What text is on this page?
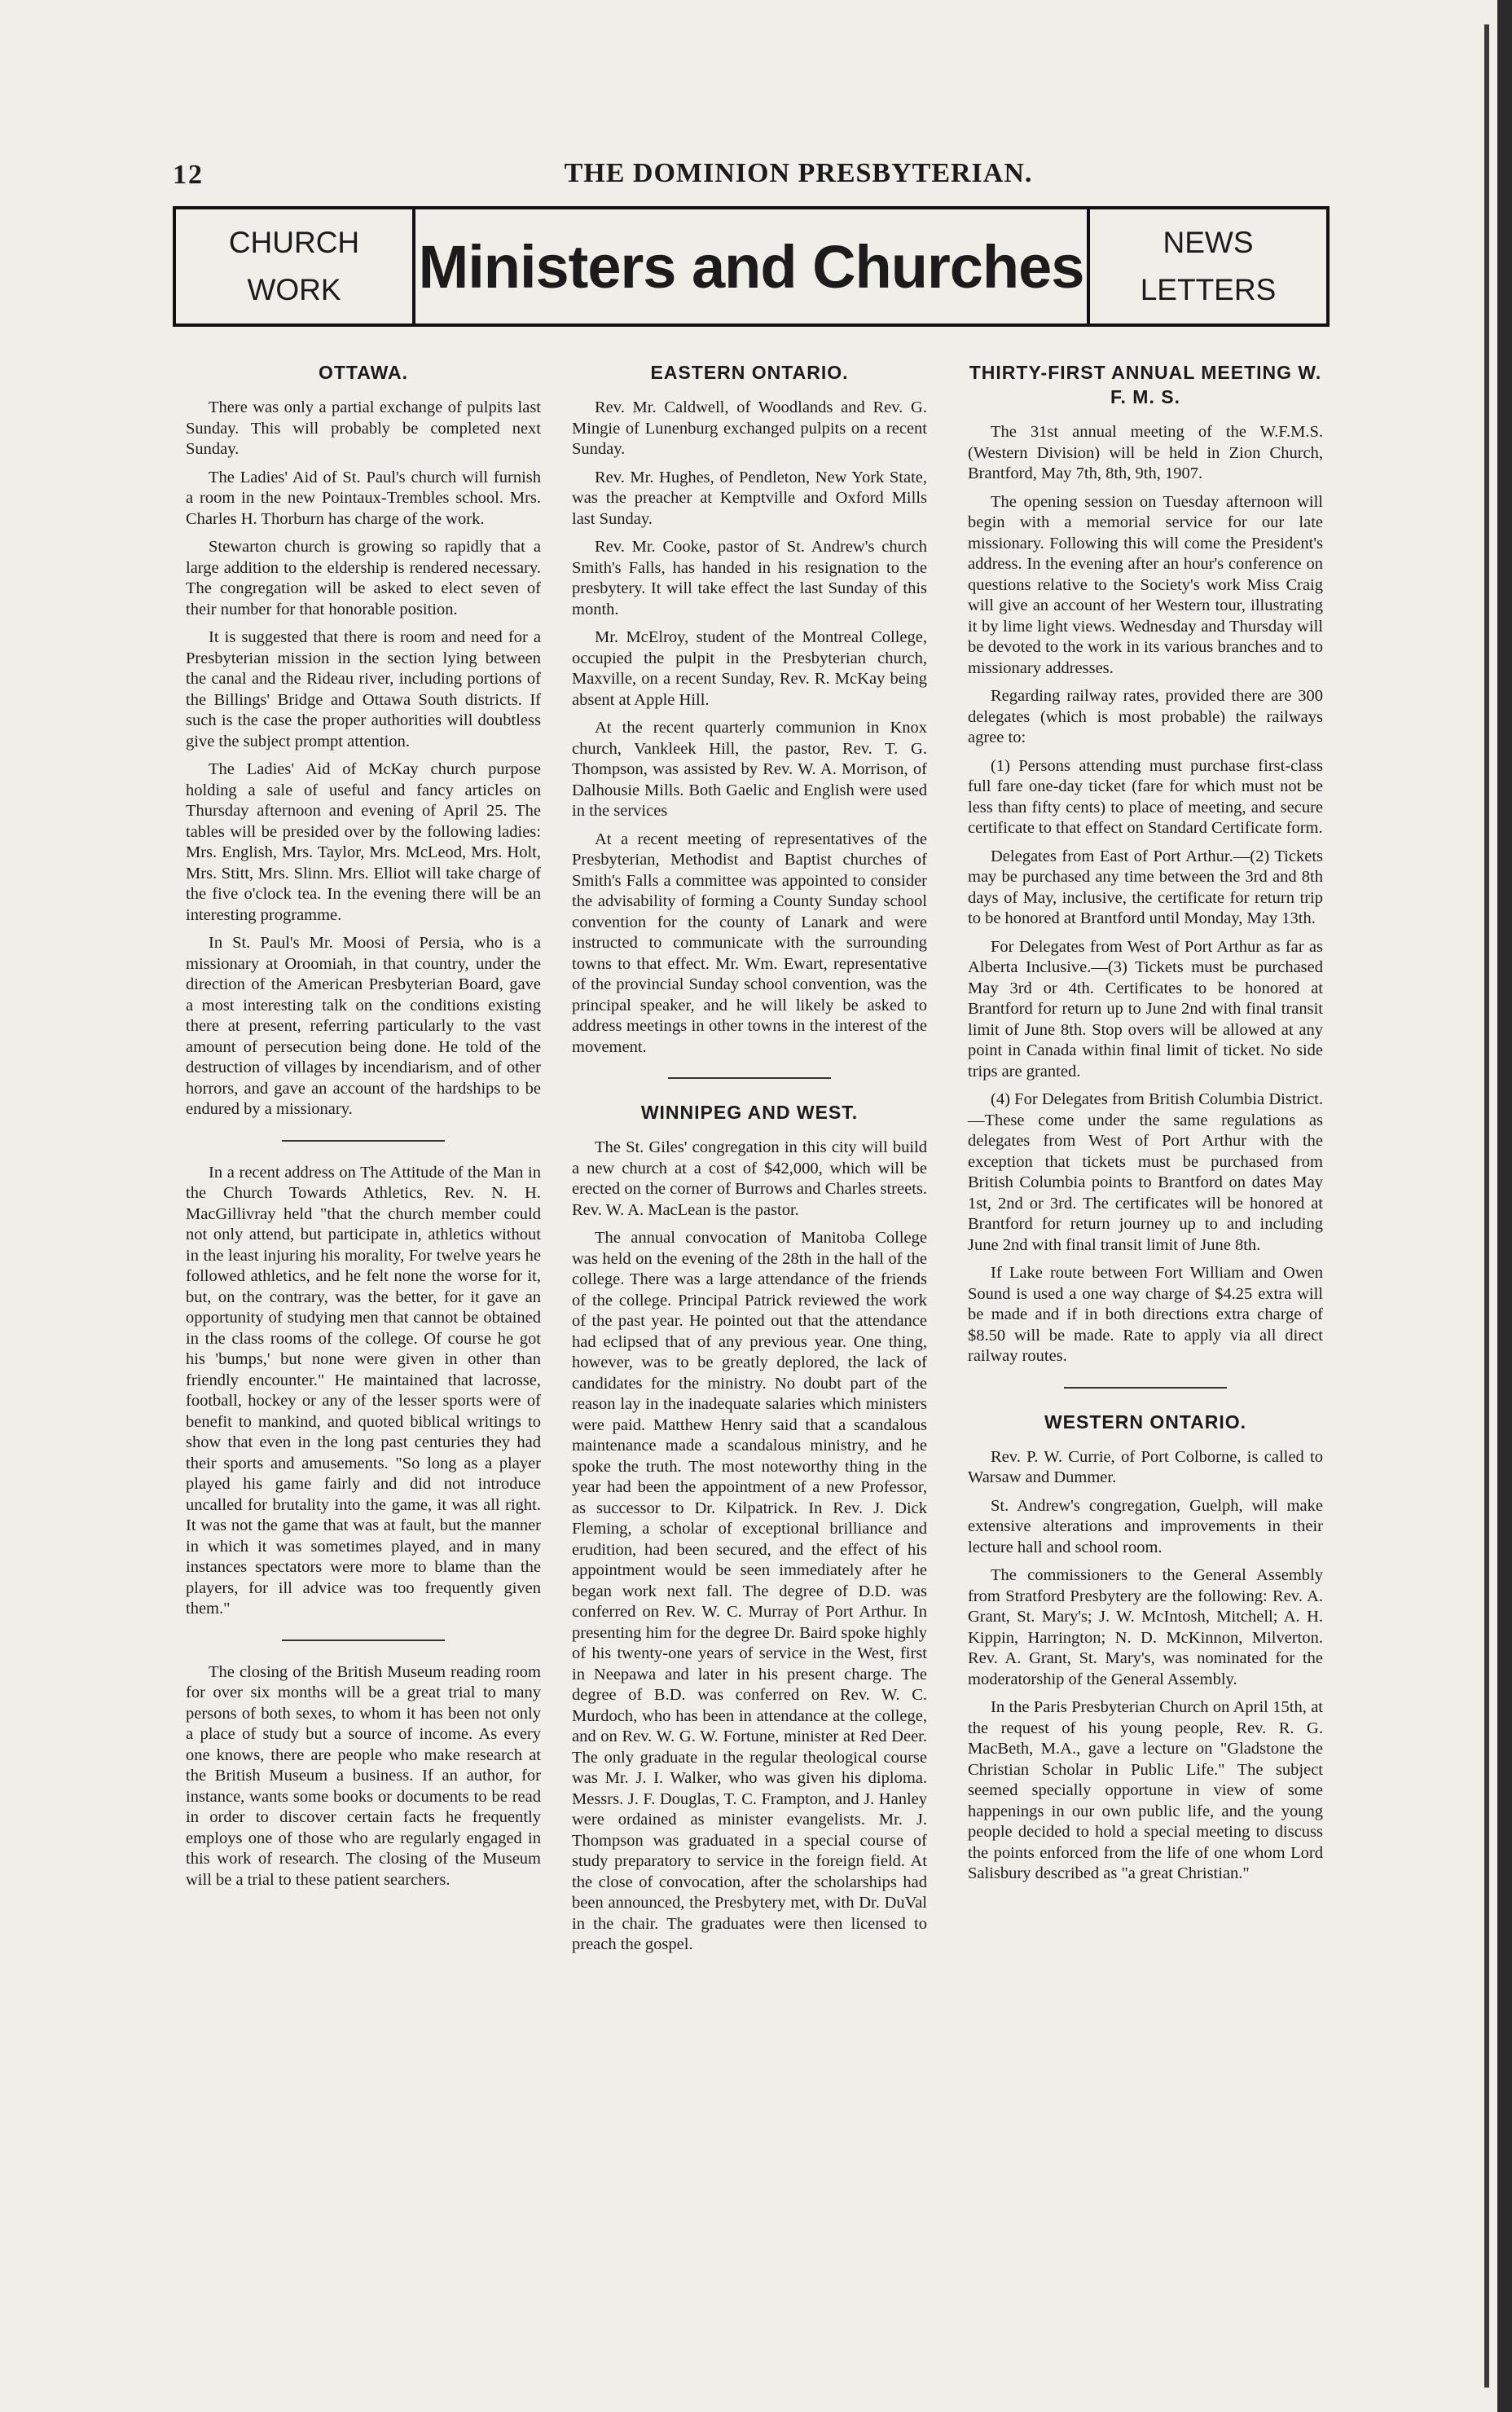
12	THE DOMINION PRESBYTERIAN.
CHURCH
WORK Ministers and Churches	NEWS
LETTERS
OTTAWA.

There was only a partial exchange of pulpits last Sunday. This will probably be completed next Sunday.

The Ladies' Aid of St. Paul's church will furnish a room in the new Pointaux-Trembles school. Mrs. Charles H. Thorburn has charge of the work.

Stewarton church is growing so rapidly that a large addition to the eldership is rendered necessary. The congregation will be asked to elect seven of their number for that honorable position.

It is suggested that there is room and need for a Presbyterian mission in the section lying between the canal and the Rideau river, including portions of the Billings' Bridge and Ottawa South districts. If such is the case the proper authorities will doubtless give the subject prompt attention.

The Ladies' Aid of McKay church purpose holding a sale of useful and fancy articles on Thursday afternoon and evening of April 25. The tables will be presided over by the following ladies: Mrs. English, Mrs. Taylor, Mrs. McLeod, Mrs. Holt, Mrs. Stitt, Mrs. Slinn. Mrs. Elliot will take charge of the five o'clock tea. In the evening there will be an interesting programme.

In St. Paul's Mr. Moosi of Persia, who is a missionary at Oroomiah, in that country, under the direction of the American Presbyterian Board, gave a most interesting talk on the conditions existing there at present, referring particularly to the vast amount of persecution being done. He told of the destruction of villages by incendiarism, and of other horrors, and gave an account of the hardships to be endured by a missionary.

In a recent address on The Attitude of the Man in the Church Towards Athletics, Rev. N. H. MacGillivray held "that the church member could not only attend, but participate in, athletics without in the least injuring his morality, For twelve years he followed athletics, and he felt none the worse for it, but, on the contrary, was the better, for it gave an opportunity of studying men that cannot be obtained in the class rooms of the college. Of course he got his 'bumps,' but none were given in other than friendly encounter." He maintained that lacrosse, football, hockey or any of the lesser sports were of benefit to mankind, and quoted biblical writings to show that even in the long past centuries they had their sports and amusements. "So long as a player played his game fairly and did not introduce uncalled for brutality into the game, it was all right. It was not the game that was at fault, but the manner in which it was sometimes played, and in many instances spectators were more to blame than the players, for ill advice was too frequently given them."

The closing of the British Museum reading room for over six months will be a great trial to many persons of both sexes, to whom it has been not only a place of study but a source of income. As every one knows, there are people who make research at the British Museum a business. If an author, for instance, wants some books or documents to be read in order to discover certain facts he frequently employs one of those who are regularly engaged in this work of research. The closing of the Museum will be a trial to these patient searchers.

EASTERN ONTARIO.

Rev. Mr. Caldwell, of Woodlands and Rev. G. Mingie of Lunenburg exchanged pulpits on a recent Sunday.

Rev. Mr. Hughes, of Pendleton, New York State, was the preacher at Kemptville and Oxford Mills last Sunday.

Rev. Mr. Cooke, pastor of St. Andrew's church Smith's Falls, has handed in his resignation to the presbytery. It will take effect the last Sunday of this month.

Mr. McElroy, student of the Montreal College, occupied the pulpit in the Presbyterian church, Maxville, on a recent Sunday, Rev. R. McKay being absent at Apple Hill.

At the recent quarterly communion in Knox church, Vankleek Hill, the pastor, Rev. T. G. Thompson, was assisted by Rev. W. A. Morrison, of Dalhousie Mills. Both Gaelic and English were used in the services

At a recent meeting of representatives of the Presbyterian, Methodist and Baptist churches of Smith's Falls a committee was appointed to consider the advisability of forming a County Sunday school convention for the county of Lanark and were instructed to communicate with the surrounding towns to that effect. Mr. Wm. Ewart, representative of the provincial Sunday school convention, was the principal speaker, and he will likely be asked to address meetings in other towns in the interest of the movement.

WINNIPEG AND WEST.

The St. Giles' congregation in this city will build a new church at a cost of $42,000, which will be erected on the corner of Burrows and Charles streets. Rev. W. A. MacLean is the pastor.

The annual convocation of Manitoba College was held on the evening of the 28th in the hall of the college. There was a large attendance of the friends of the college. Principal Patrick reviewed the work of the past year. He pointed out that the attendance had eclipsed that of any previous year. One thing, however, was to be greatly deplored, the lack of candidates for the ministry. No doubt part of the reason lay in the inadequate salaries which ministers were paid. Matthew Henry said that a scandalous maintenance made a scandalous ministry, and he spoke the truth. The most noteworthy thing in the year had been the appointment of a new Professor, as successor to Dr. Kilpatrick. In Rev. J. Dick Fleming, a scholar of exceptional brilliance and erudition, had been secured, and the effect of his appointment would be seen immediately after he began work next fall. The degree of D.D. was conferred on Rev. W. C. Murray of Port Arthur. In presenting him for the degree Dr. Baird spoke highly of his twenty-one years of service in the West, first in Neepawa and later in his present charge. The degree of B.D. was conferred on Rev. W. C. Murdoch, who has been in attendance at the college, and on Rev. W. G. W. Fortune, minister at Red Deer. The only graduate in the regular theological course was Mr. J. I. Walker, who was given his diploma. Messrs. J. F. Douglas, T. C. Frampton, and J. Hanley were ordained as minister evangelists. Mr. J. Thompson was graduated in a special course of study preparatory to service in the foreign field. At the close of convocation, after the scholarships had been announced, the Presbytery met, with Dr. DuVal in the chair. The graduates were then licensed to preach the gospel.

THIRTY-FIRST ANNUAL MEETING W. F. M. S.

The 31st annual meeting of the W.F.M.S. (Western Division) will be held in Zion Church, Brantford, May 7th, 8th, 9th, 1907.

The opening session on Tuesday afternoon will begin with a memorial service for our late missionary. Following this will come the President's address. In the evening after an hour's conference on questions relative to the Society's work Miss Craig will give an account of her Western tour, illustrating it by lime light views. Wednesday and Thursday will be devoted to the work in its various branches and to missionary addresses.

Regarding railway rates, provided there are 300 delegates (which is most probable) the railways agree to:

(1) Persons attending must purchase first-class full fare one-day ticket (fare for which must not be less than fifty cents) to place of meeting, and secure certificate to that effect on Standard Certificate form.

Delegates from East of Port Arthur.—(2) Tickets may be purchased any time between the 3rd and 8th days of May, inclusive, the certificate for return trip to be honored at Brantford until Monday, May 13th.

For Delegates from West of Port Arthur as far as Alberta Inclusive.—(3) Tickets must be purchased May 3rd or 4th. Certificates to be honored at Brantford for return up to June 2nd with final transit limit of June 8th. Stop overs will be allowed at any point in Canada within final limit of ticket. No side trips are granted.

(4) For Delegates from British Columbia District.—These come under the same regulations as delegates from West of Port Arthur with the exception that tickets must be purchased from British Columbia points to Brantford on dates May 1st, 2nd or 3rd. The certificates will be honored at Brantford for return journey up to and including June 2nd with final transit limit of June 8th.

If Lake route between Fort William and Owen Sound is used a one way charge of $4.25 extra will be made and if in both directions extra charge of $8.50 will be made. Rate to apply via all direct railway routes.

WESTERN ONTARIO.

Rev. P. W. Currie, of Port Colborne, is called to Warsaw and Dummer.

St. Andrew's congregation, Guelph, will make extensive alterations and improvements in their lecture hall and school room.

The commissioners to the General Assembly from Stratford Presbytery are the following: Rev. A. Grant, St. Mary's; J. W. McIntosh, Mitchell; A. H. Kippin, Harrington; N. D. McKinnon, Milverton. Rev. A. Grant, St. Mary's, was nominated for the moderatorship of the General Assembly.

In the Paris Presbyterian Church on April 15th, at the request of his young people, Rev. R. G. MacBeth, M.A., gave a lecture on "Gladstone the Christian Scholar in Public Life." The subject seemed specially opportune in view of some happenings in our own public life, and the young people decided to hold a special meeting to discuss the points enforced from the life of one whom Lord Salisbury described as "a great Christian."
